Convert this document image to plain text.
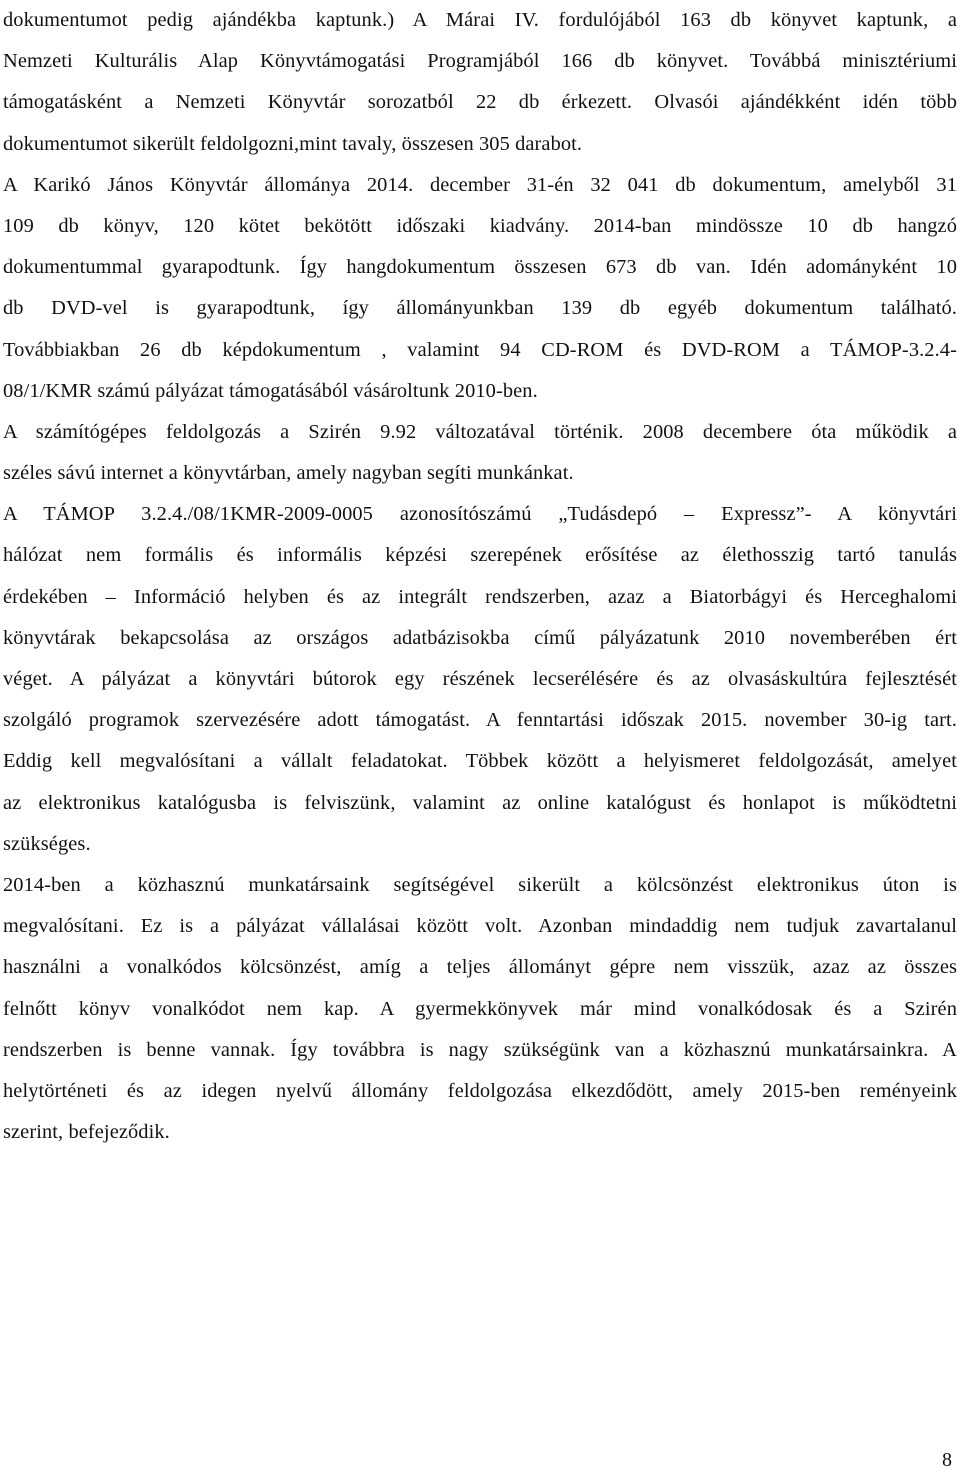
dokumentumot pedig ajándékba kaptunk.) A Márai IV. fordulójából 163 db könyvet kaptunk, a
Nemzeti Kulturális Alap Könyvtámogatási Programjából 166 db könyvet. Továbbá minisztériumi
támogatásként a Nemzeti Könyvtár sorozatból 22 db érkezett. Olvasói ajándékként idén több
dokumentumot sikerült feldolgozni,mint tavaly, összesen 305 darabot.
A Karikó János Könyvtár állománya 2014. december 31-én 32 041 db dokumentum, amelyből 31
109 db könyv, 120 kötet bekötött időszaki kiadvány. 2014-ban mindössze 10 db hangzó
dokumentummal gyarapodtunk. Így hangdokumentum összesen 673 db van. Idén adományként 10
db DVD-vel is gyarapodtunk, így állományunkban 139 db egyéb dokumentum található.
Továbbiakban 26 db képdokumentum , valamint 94 CD-ROM és DVD-ROM a TÁMOP-3.2.4-
08/1/KMR számú pályázat támogatásából vásároltunk 2010-ben.
A számítógépes feldolgozás a Szirén 9.92 változatával történik. 2008 decembere óta működik a
széles sávú internet a könyvtárban, amely nagyban segíti munkánkat.
A TÁMOP 3.2.4./08/1KMR-2009-0005 azonosítószámú „Tudásdepó – Expressz”- A könyvtári
hálózat nem formális és informális képzési szerepének erősítése az élethosszig tartó tanulás
érdekében – Információ helyben és az integrált rendszerben, azaz a Biatorbágyi és Herceghalomi
könyvtárak bekapcsolása az országos adatbázisokba című pályázatunk 2010 novemberében ért
véget. A pályázat a könyvtári bútorok egy részének lecserélésére és az olvasáskultúra fejlesztését
szolgáló programok szervezésére adott támogatást. A fenntartási időszak 2015. november 30-ig tart.
Eddig kell megvalósítani a vállalt feladatokat. Többek között a helyismeret feldolgozását, amelyet
az elektronikus katalógusba is felviszünk, valamint az online katalógust és honlapot is működtetni
szükséges.
2014-ben a közhasznú munkatársaink segítségével sikerült a kölcsönzést elektronikus úton is
megvalósítani. Ez is a pályázat vállalásai között volt. Azonban mindaddig nem tudjuk zavartalanul
használni a vonalkódos kölcsönzést, amíg a teljes állományt gépre nem visszük, azaz az összes
felnőtt könyv vonalkódot nem kap. A gyermekkönyvek már mind vonalkódosak és a Szirén
rendszerben is benne vannak. Így továbbra is nagy szükségünk van a közhasznú munkatársainkra. A
helytörténeti és az idegen nyelvű állomány feldolgozása elkezdődött, amely 2015-ben reményeink
szerint, befejeződik.
8
